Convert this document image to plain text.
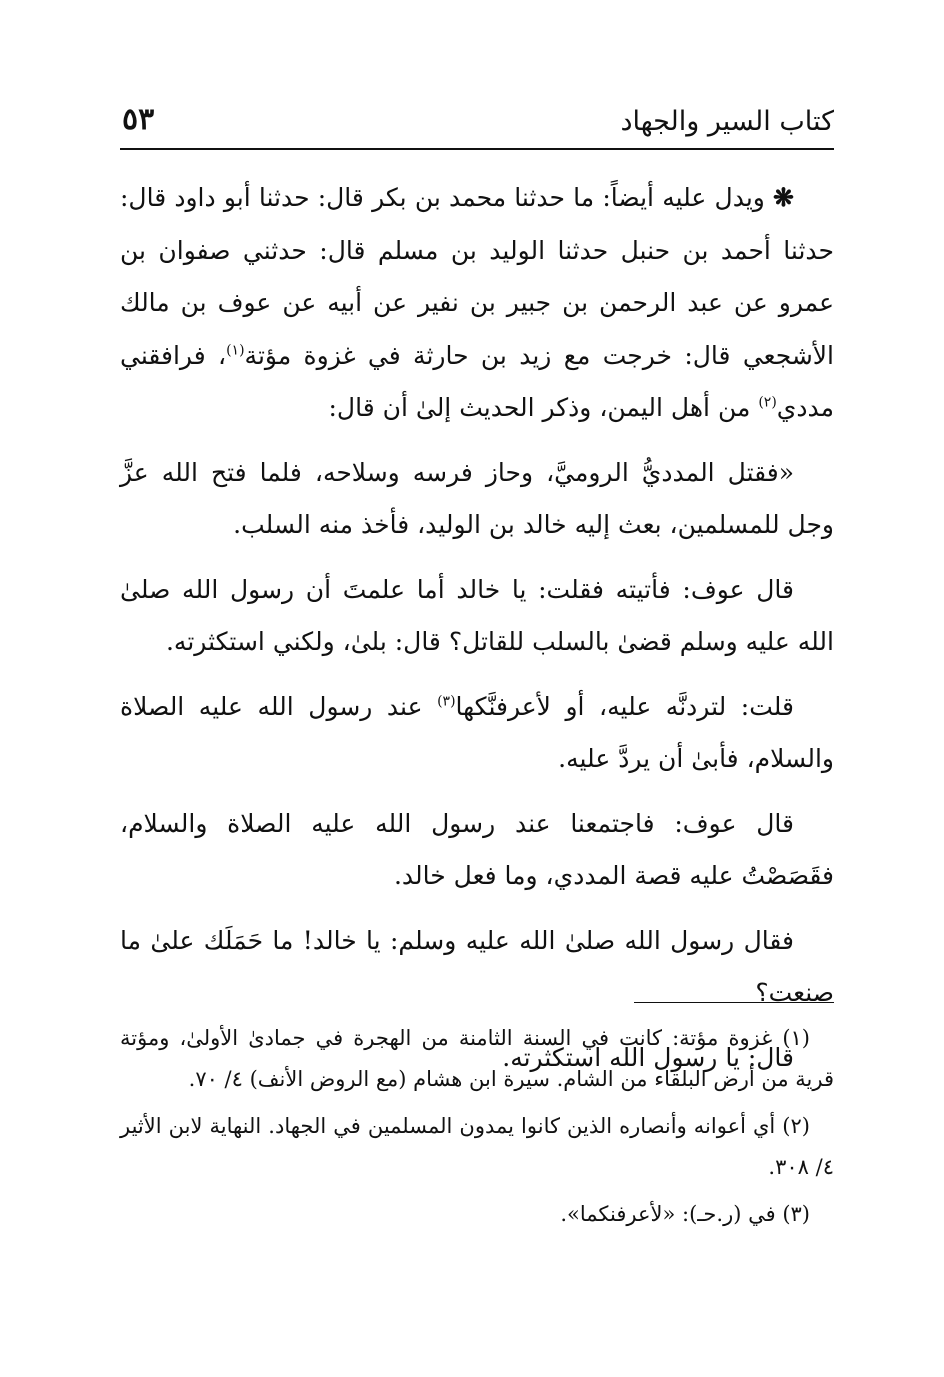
كتاب السير والجهاد
٥٣

❋ ويدل عليه أيضاً: ما حدثنا محمد بن بكر قال: حدثنا أبو داود قال: حدثنا أحمد بن حنبل حدثنا الوليد بن مسلم قال: حدثني صفوان بن عمرو عن عبد الرحمن بن جبير بن نفير عن أبيه عن عوف بن مالك الأشجعي قال: خرجت مع زيد بن حارثة في غزوة مؤتة$^{(١)}$، فرافقني مددي$^{(٢)}$ من أهل اليمن، وذكر الحديث إلىٰ أن قال:

«فقتل المدديُّ الروميَّ، وحاز فرسه وسلاحه، فلما فتح الله عزَّ وجل للمسلمين، بعث إليه خالد بن الوليد، فأخذ منه السلب.

قال عوف: فأتيته فقلت: يا خالد أما علمتَ أن رسول الله صلىٰ الله عليه وسلم قضىٰ بالسلب للقاتل؟ قال: بلىٰ، ولكني استكثرته.

قلت: لتردنَّه عليه، أو لأعرفنَّكها$^{(٣)}$ عند رسول الله عليه الصلاة والسلام، فأبىٰ أن يردَّ عليه.

قال عوف: فاجتمعنا عند رسول الله عليه الصلاة والسلام، فقَصَصْتُ عليه قصة المددي، وما فعل خالد.

فقال رسول الله صلىٰ الله عليه وسلم: يا خالد! ما حَمَلَك علىٰ ما صنعت؟

قال: يا رسول الله استكثرته.

(١) غزوة مؤتة: كانت في السنة الثامنة من الهجرة في جمادىٰ الأولىٰ، ومؤتة قرية من أرض البلقاء من الشام. سيرة ابن هشام (مع الروض الأنف) ٤/ ٧٠.

(٢) أي أعوانه وأنصاره الذين كانوا يمدون المسلمين في الجهاد. النهاية لابن الأثير ٤/ ٣٠٨.

(٣) في (ر.حـ): «لأعرفنكما».
